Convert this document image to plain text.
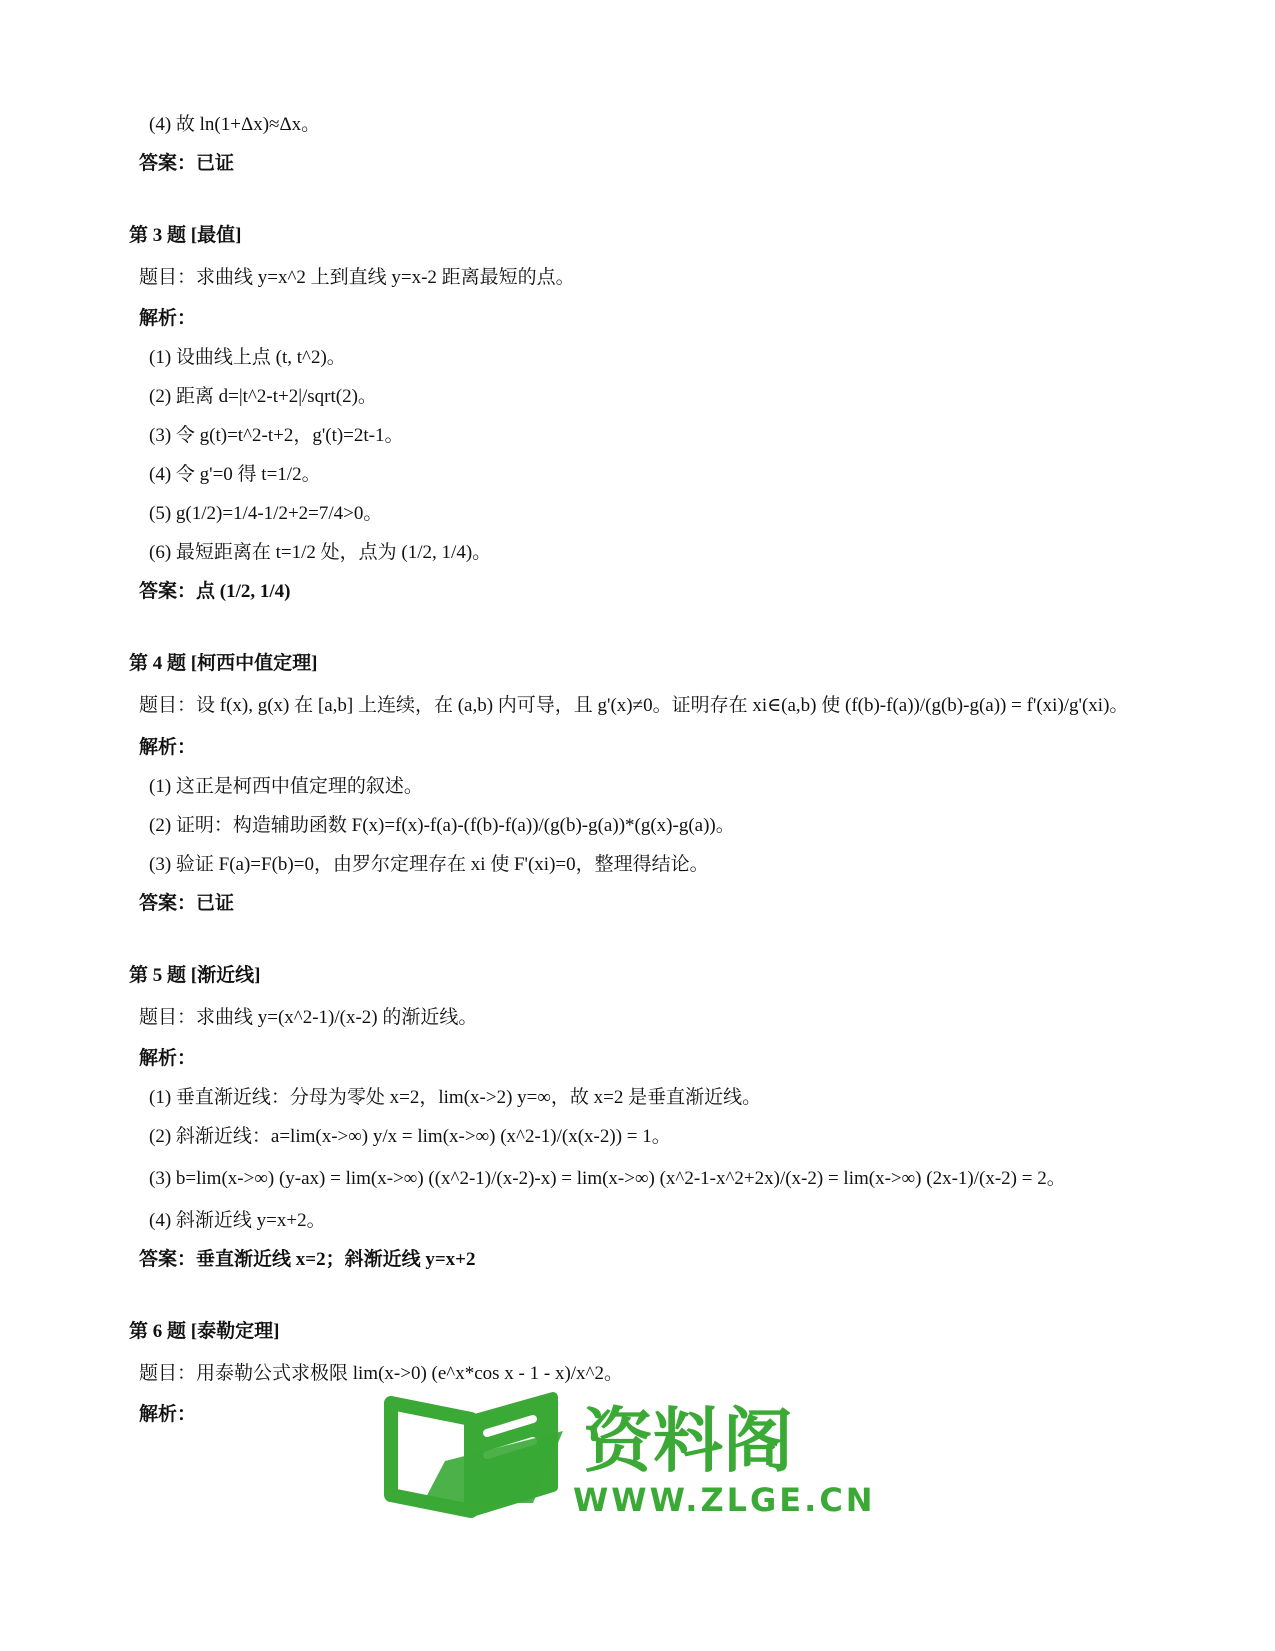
(4) 故 ln(1+Δx)≈Δx。

答案：已证

第 3 题 [最值]

题目：求曲线 y=x^2 上到直线 y=x-2 距离最短的点。

解析：

(1) 设曲线上点 (t, t^2)。

(2) 距离 d=|t^2-t+2|/sqrt(2)。

(3) 令 g(t)=t^2-t+2，g'(t)=2t-1。

(4) 令 g'=0 得 t=1/2。

(5) g(1/2)=1/4-1/2+2=7/4>0。

(6) 最短距离在 t=1/2 处，点为 (1/2, 1/4)。

答案：点 (1/2, 1/4)

第 4 题 [柯西中值定理]

题目：设 f(x), g(x) 在 [a,b] 上连续，在 (a,b) 内可导，且 g'(x)≠0。证明存在 xi∈(a,b) 使 (f(b)-f(a))/(g(b)-g(a)) = f'(xi)/g'(xi)。

解析：

(1) 这正是柯西中值定理的叙述。

(2) 证明：构造辅助函数 F(x)=f(x)-f(a)-(f(b)-f(a))/(g(b)-g(a))*(g(x)-g(a))。

(3) 验证 F(a)=F(b)=0，由罗尔定理存在 xi 使 F'(xi)=0，整理得结论。

答案：已证

第 5 题 [渐近线]

题目：求曲线 y=(x^2-1)/(x-2) 的渐近线。

解析：

(1) 垂直渐近线：分母为零处 x=2，lim(x->2) y=∞，故 x=2 是垂直渐近线。

(2) 斜渐近线：a=lim(x->∞) y/x = lim(x->∞) (x^2-1)/(x(x-2)) = 1。

(3) b=lim(x->∞) (y-ax) = lim(x->∞) ((x^2-1)/(x-2)-x) = lim(x->∞) (x^2-1-x^2+2x)/(x-2) = lim(x->∞) (2x-1)/(x-2) = 2。

(4) 斜渐近线 y=x+2。

答案：垂直渐近线 x=2；斜渐近线 y=x+2

第 6 题 [泰勒定理]

题目：用泰勒公式求极限 lim(x->0) (e^x*cos x - 1 - x)/x^2。

解析：	资料阁
WWW.ZLGE.CN
